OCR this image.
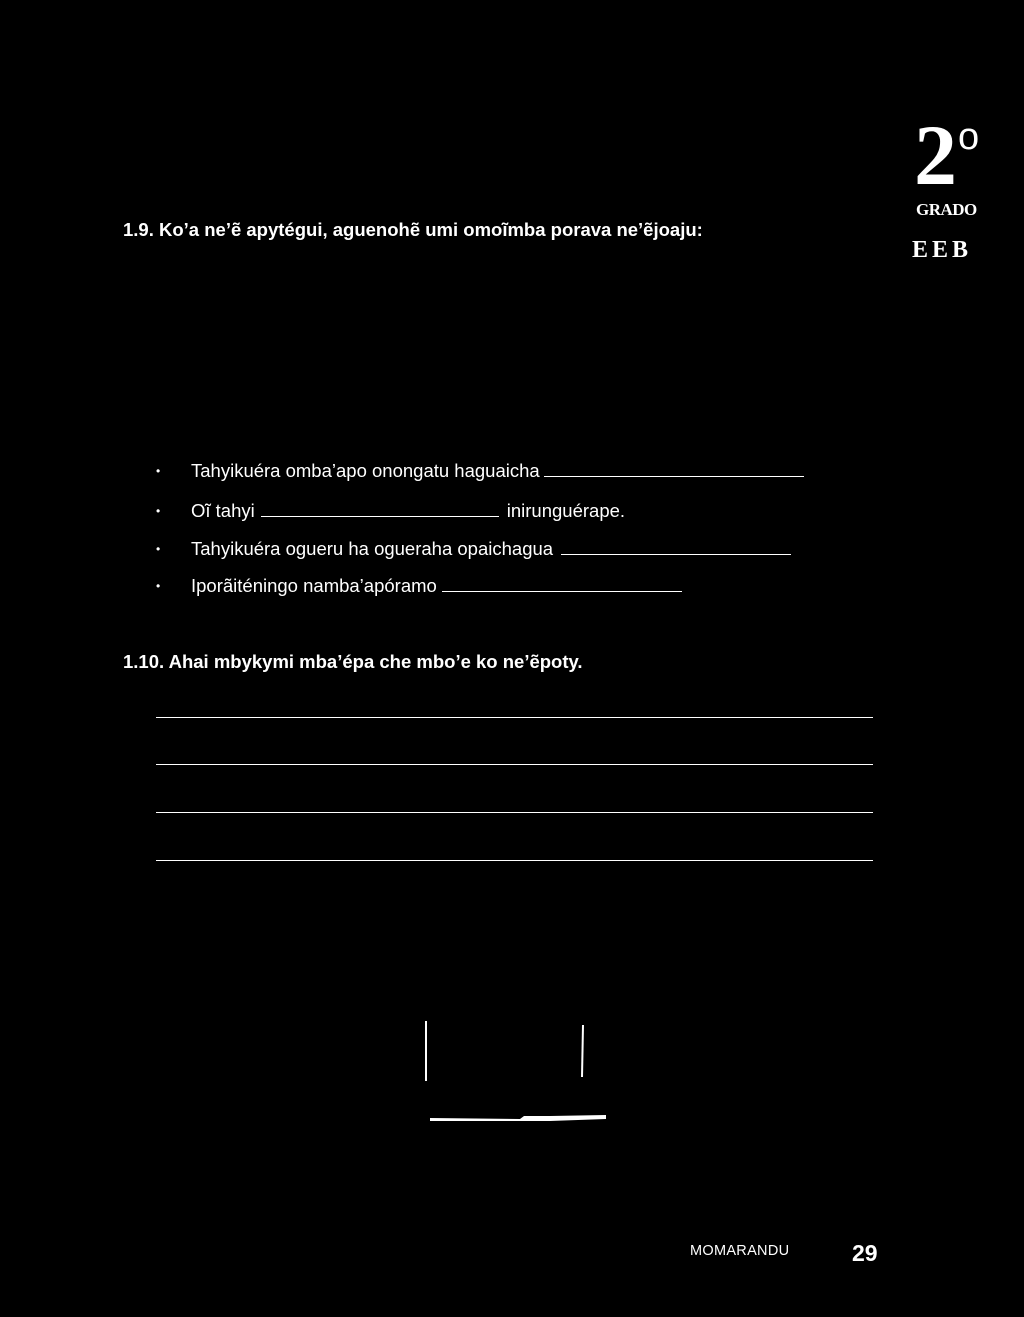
2 o
GRADO
EEB
1.9. Ko’a ne’ẽ apytégui, aguenohẽ umi omoĩmba porava ne’ẽjoaju:
• Tahyikuéra omba’apo onongatu haguaicha
• Oĩ tahyi	inirunguérape.
• Tahyikuéra ogueru ha ogueraha opaichagua
• Iporãiténingo namba’apóramo
1.10. Ahai mbykymi mba’épa che mbo’e ko ne’ẽpoty.
MOMARANDU	29
